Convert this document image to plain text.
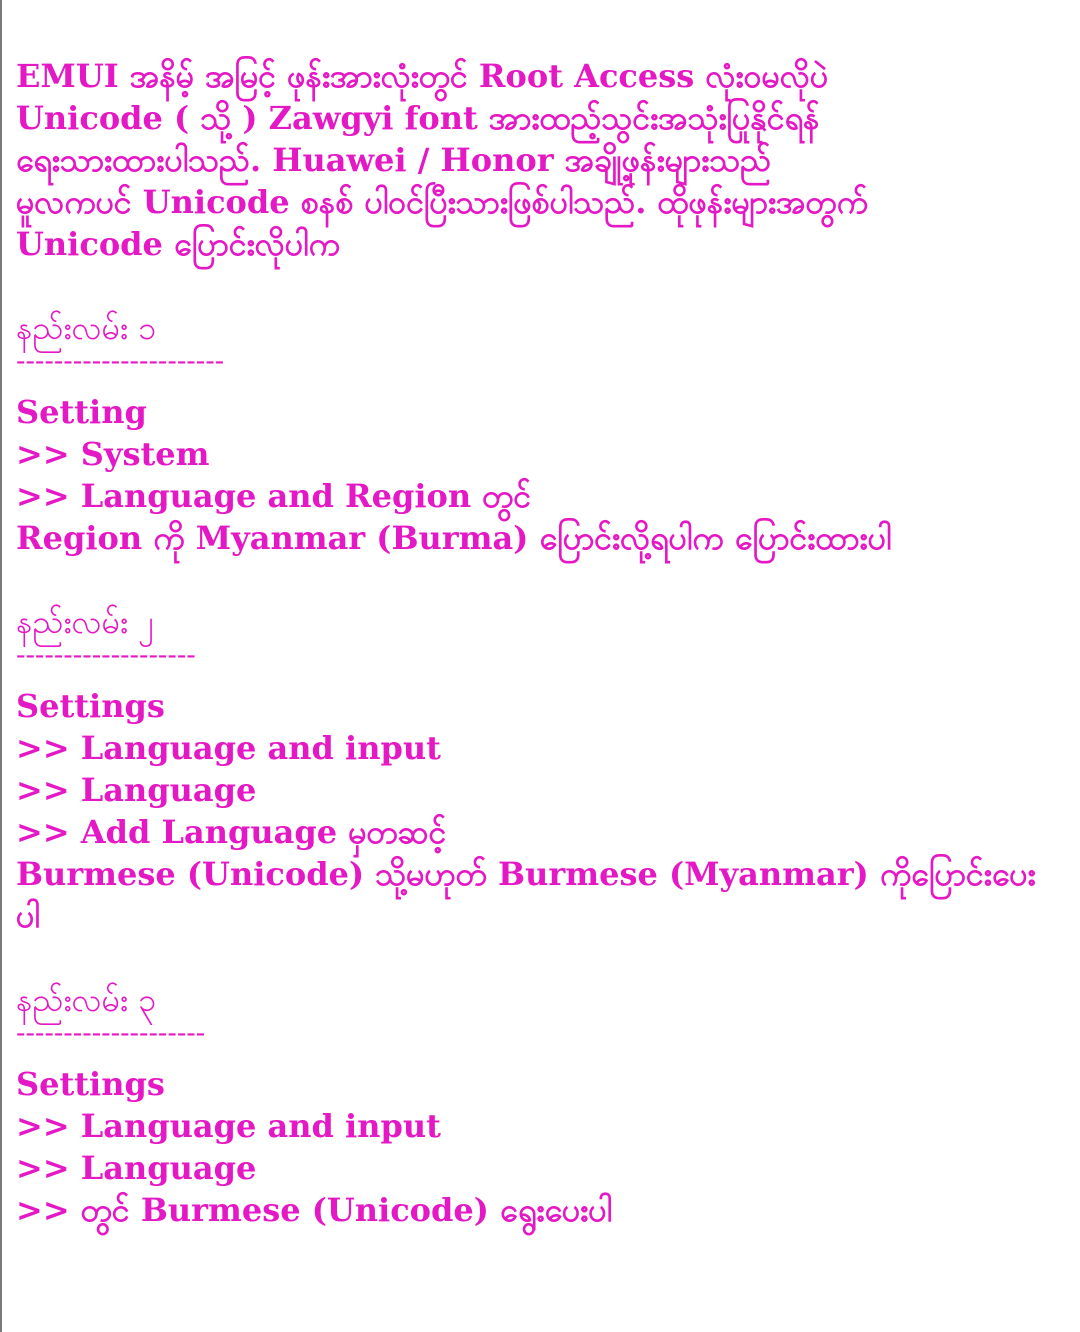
EMUI အနိမ့် အမြင့် ဖုန်းအားလုံးတွင် Root Access လုံးဝမလိုပဲ
Unicode ( သို့ ) Zawgyi font အားထည့်သွင်းအသုံးပြုနိုင်ရန်
ရေးသားထားပါသည်. Huawei / Honor အချို့ဖုန်းများသည်
မူလကပင် Unicode စနစ် ပါဝင်ပြီးသားဖြစ်ပါသည်. ထိုဖုန်းများအတွက်
Unicode ပြောင်းလိုပါက
နည်းလမ်း ၁
----------------------
Setting
>> System
>> Language and Region တွင်
Region ကို Myanmar (Burma) ပြောင်းလို့ရပါက ပြောင်းထားပါ
နည်းလမ်း ၂
-------------------
Settings
>> Language and input
>> Language
>> Add Language မှတဆင့်
Burmese (Unicode) သို့မဟုတ် Burmese (Myanmar) ကိုပြောင်းပေး
ပါ
နည်းလမ်း ၃
--------------------
Settings
>> Language and input
>> Language
>> တွင် Burmese (Unicode) ရွေးပေးပါ
